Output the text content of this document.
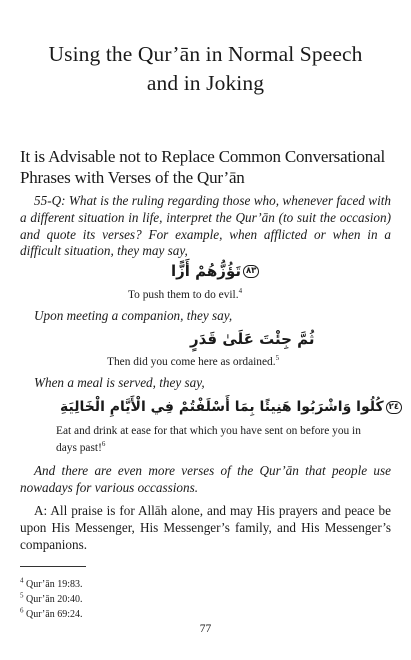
Using the Qur’ān in Normal Speech
and in Joking
It is Advisable not to Replace Common Conversational
Phrases with Verses of the Qur’ān
55-Q: What is the ruling regarding those who, whenever faced with a different situation in life, interpret the Qur’ān (to suit the occasion) and quote its verses? For example, when afflicted or when in a difficult situation, they may say,
٨٣تَؤُزُّهُمْ أَزًّا
To push them to do evil.$^4$
Upon meeting a companion, they say,
ثُمَّ جِئْتَ عَلَىٰ قَدَرٍ
Then did you come here as ordained.$^5$
When a meal is served, they say,
٢٤كُلُوا وَاشْرَبُوا هَنِيئًا بِمَا أَسْلَفْتُمْ فِي الْأَيَّامِ الْخَالِيَةِ
Eat and drink at ease for that which you have sent on before you in days past!$^6$
And there are even more verses of the Qur’ān that people use nowadays for various occassions.
A: All praise is for Allāh alone, and may His prayers and peace be upon His Messenger, His Messenger’s family, and His Messenger’s companions.
$^4$ Qur’ān 19:83.
$^5$ Qur’ān 20:40.
$^6$ Qur’ān 69:24.
77
